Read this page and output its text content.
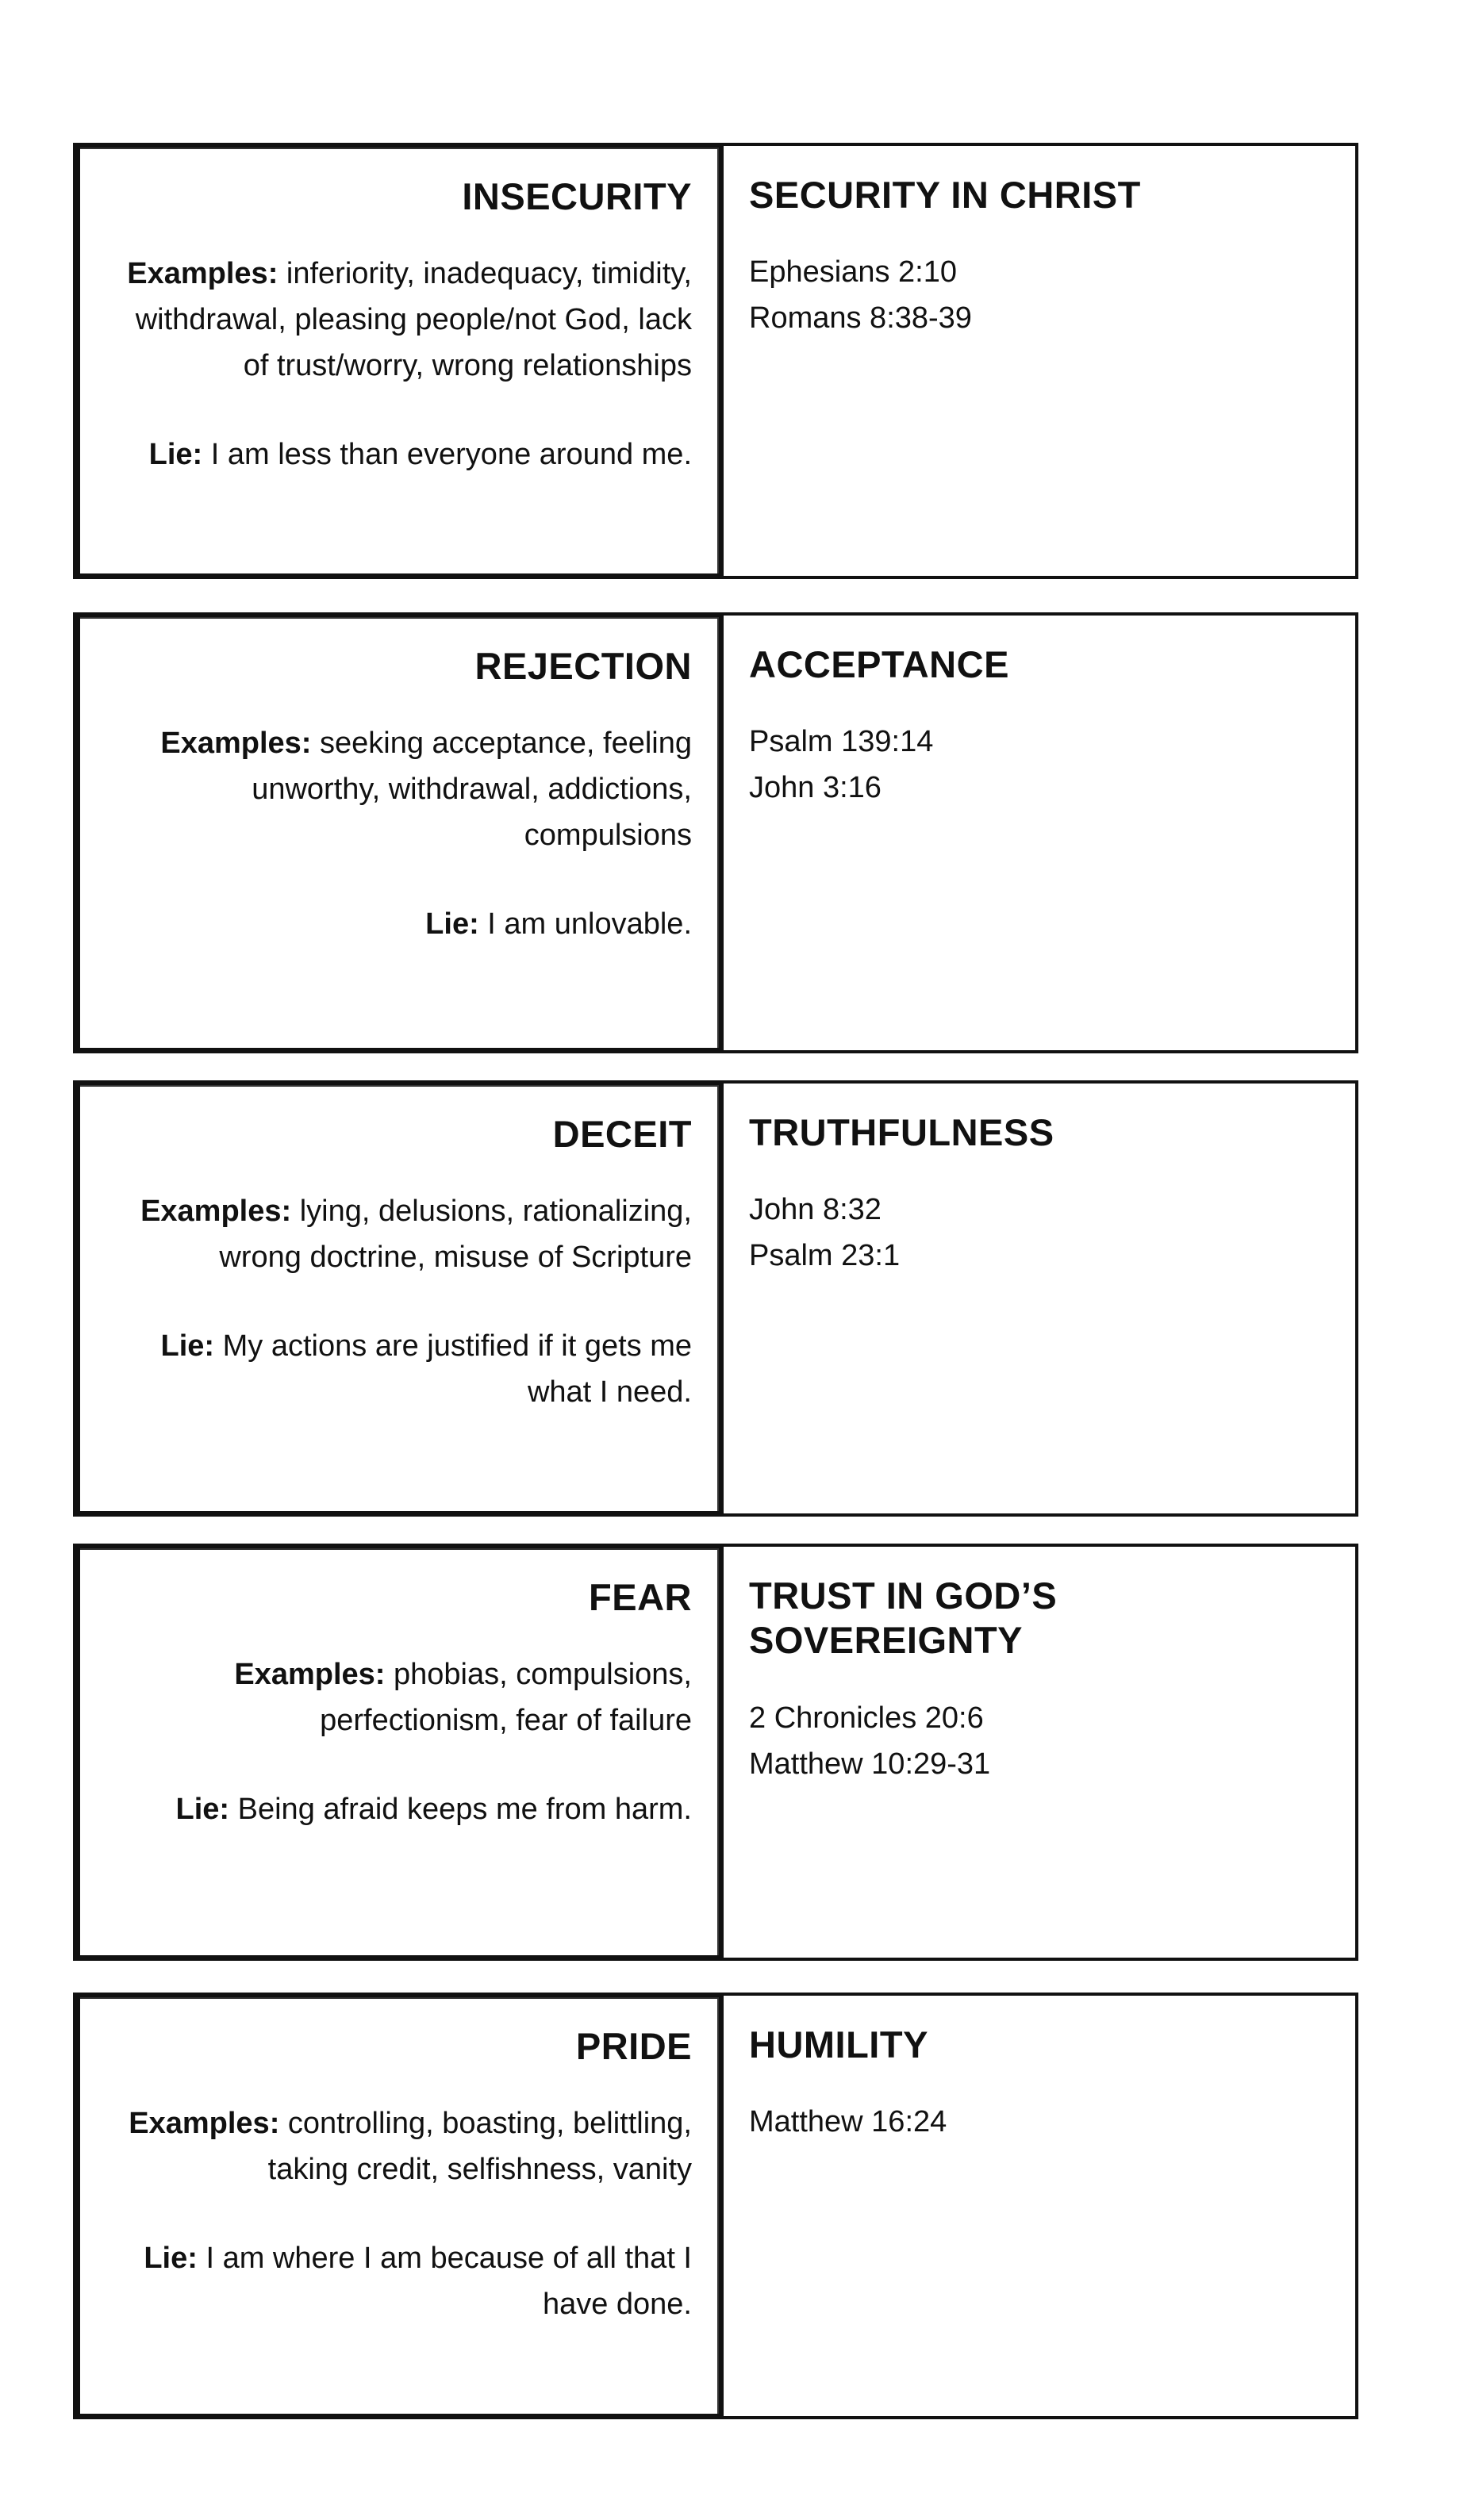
INSECURITY

Examples: inferiority, inadequacy, timidity, withdrawal, pleasing people/not God, lack of trust/worry, wrong relationships

Lie: I am less than everyone around me.

SECURITY IN CHRIST
Ephesians 2:10
Romans 8:38-39
REJECTION

Examples: seeking acceptance, feeling unworthy, withdrawal, addictions, compulsions

Lie: I am unlovable.

ACCEPTANCE
Psalm 139:14
John 3:16
DECEIT

Examples: lying, delusions, rationalizing, wrong doctrine, misuse of Scripture

Lie: My actions are justified if it gets me what I need.

TRUTHFULNESS
John 8:32
Psalm 23:1
FEAR

Examples: phobias, compulsions, perfectionism, fear of failure

Lie: Being afraid keeps me from harm.

TRUST IN GOD’S SOVEREIGNTY
2 Chronicles 20:6
Matthew 10:29-31
PRIDE

Examples: controlling, boasting, belittling, taking credit, selfishness, vanity

Lie: I am where I am because of all that I have done.

HUMILITY
Matthew 16:24
